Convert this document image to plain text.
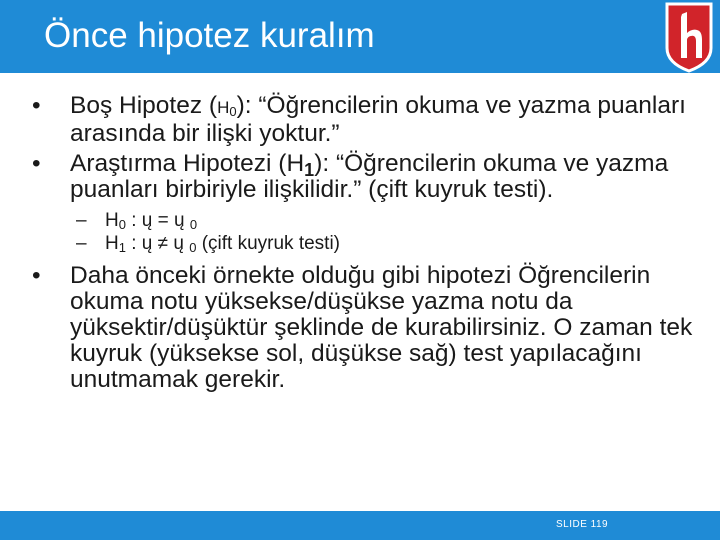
Önce hipotez kuralım
• Boş Hipotez $(H_0)$: “Öğrencilerin okuma ve yazma puanları arasında bir ilişki yoktur.”
• Araştırma Hipotezi $(H_1)$: “Öğrencilerin okuma ve yazma puanları birbiriyle ilişkilidir.” (çift kuyruk testi).
– $H_0$ : ų = ų $_0$
– $H_1$ : ų ≠ ų $_0$ (çift kuyruk testi)
• Daha önceki örnekte olduğu gibi hipotezi Öğrencilerin okuma notu yüksekse/düşükse yazma notu da yüksektir/düşüktür şeklinde de kurabilirsiniz. O zaman tek kuyruk (yüksekse sol, düşükse sağ) test yapılacağını unutmamak gerekir.
SLIDE 119
